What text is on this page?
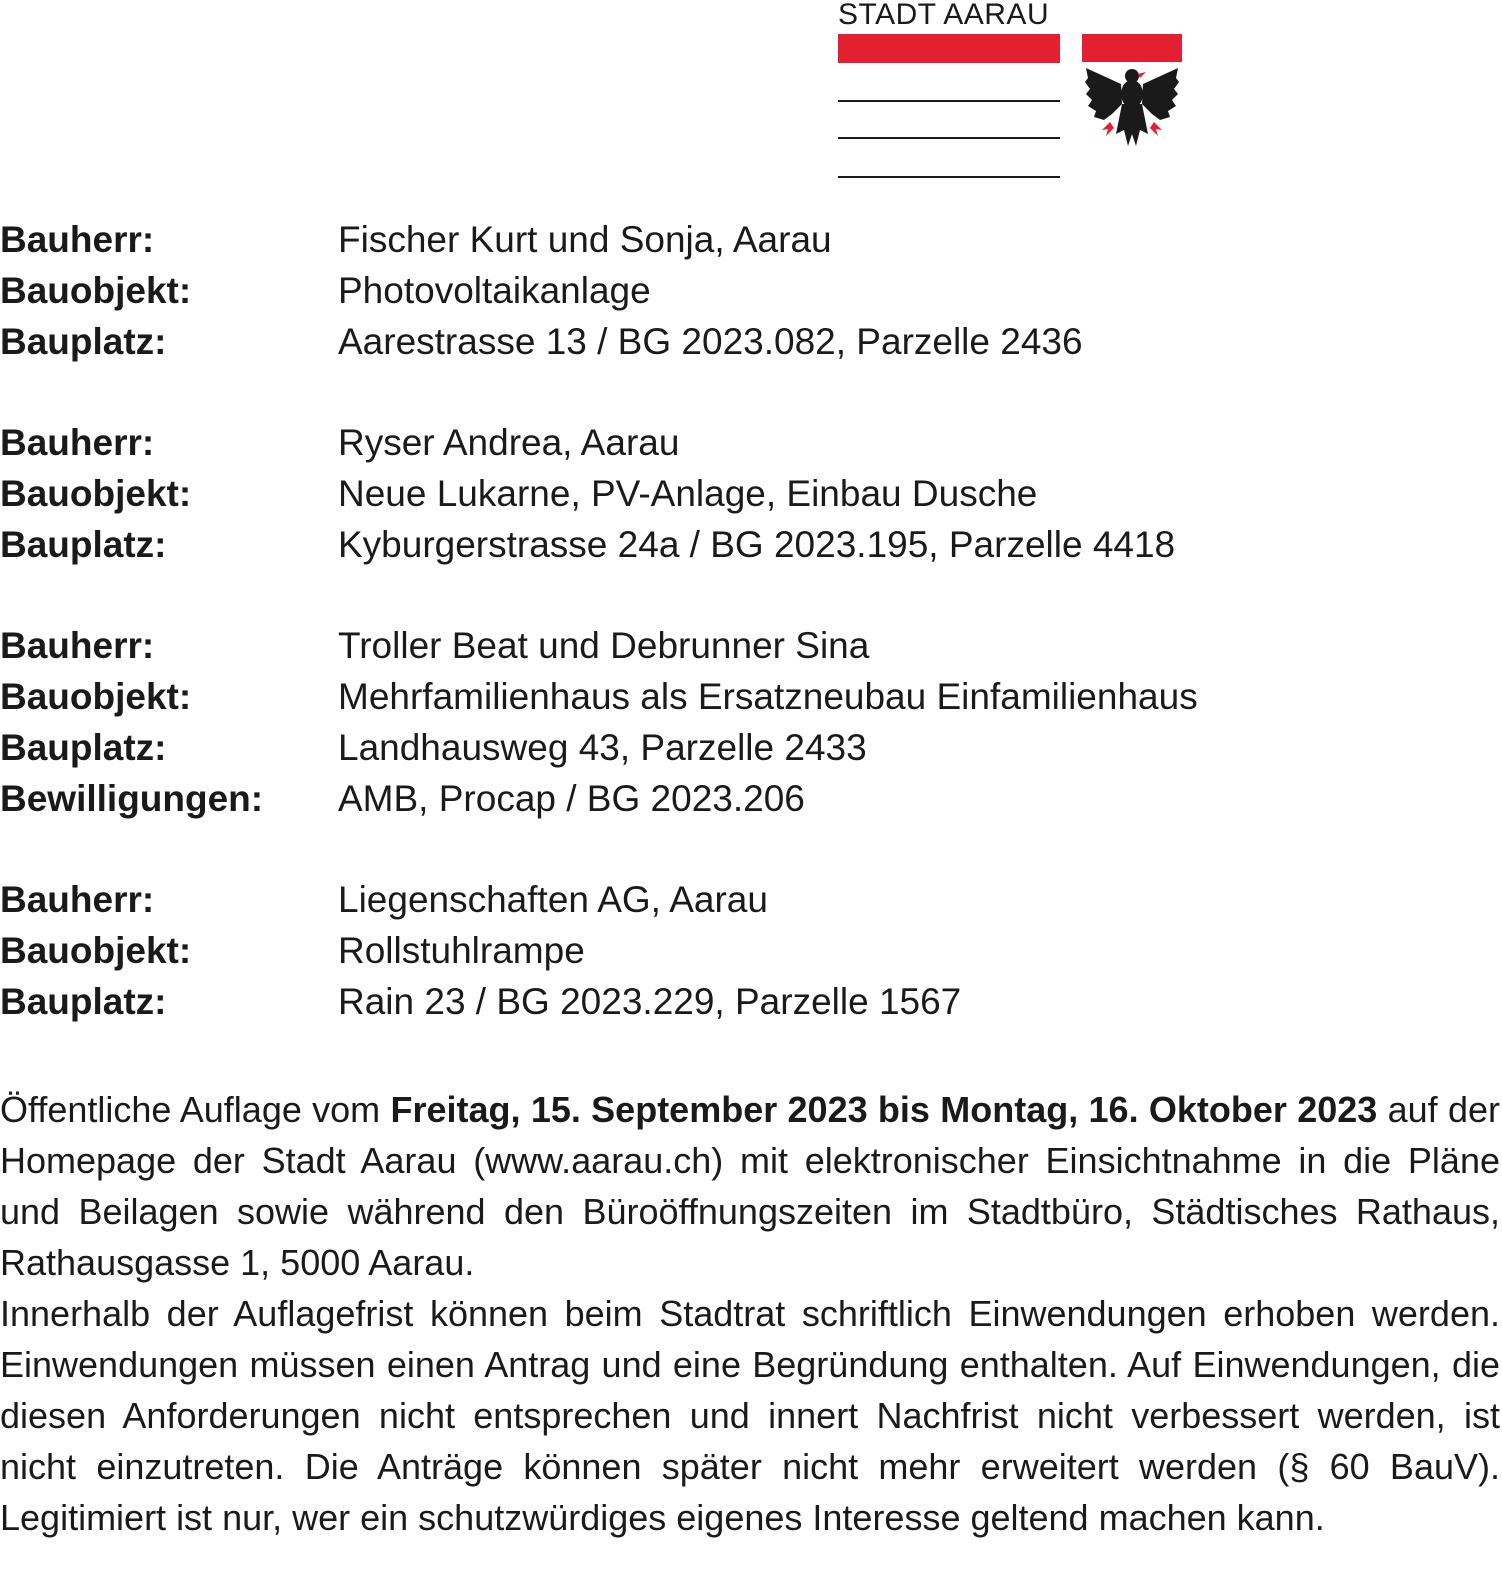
STADT AARAU
Bauherr:	Fischer Kurt und Sonja, Aarau
Bauobjekt:	Photovoltaikanlage
Bauplatz:	Aarestrasse 13 / BG 2023.082, Parzelle 2436
Bauherr:	Ryser Andrea, Aarau
Bauobjekt:	Neue Lukarne, PV-Anlage, Einbau Dusche
Bauplatz:	Kyburgerstrasse 24a / BG 2023.195, Parzelle 4418
Bauherr:	Troller Beat und Debrunner Sina
Bauobjekt:	Mehrfamilienhaus als Ersatzneubau Einfamilienhaus
Bauplatz:	Landhausweg 43, Parzelle 2433
Bewilligungen:	AMB, Procap / BG 2023.206
Bauherr:	Liegenschaften AG, Aarau
Bauobjekt:	Rollstuhlrampe
Bauplatz:	Rain 23 / BG 2023.229, Parzelle 1567

Öffentliche Auflage vom Freitag, 15. September 2023 bis Montag, 16. Oktober 2023 auf der Homepage der Stadt Aarau (www.aarau.ch) mit elektronischer Einsichtnahme in die Pläne und Beilagen sowie während den Büroöffnungszeiten im Stadtbüro, Städtisches Rathaus, Rathausgasse 1, 5000 Aarau.

Innerhalb der Auflagefrist können beim Stadtrat schriftlich Einwendungen erhoben werden. Einwendungen müssen einen Antrag und eine Begründung enthalten. Auf Einwendungen, die diesen Anforderungen nicht entsprechen und innert Nachfrist nicht verbessert werden, ist nicht einzutreten. Die Anträge können später nicht mehr erweitert werden (§ 60 BauV). Legitimiert ist nur, wer ein schutzwürdiges eigenes Interesse geltend machen kann.
